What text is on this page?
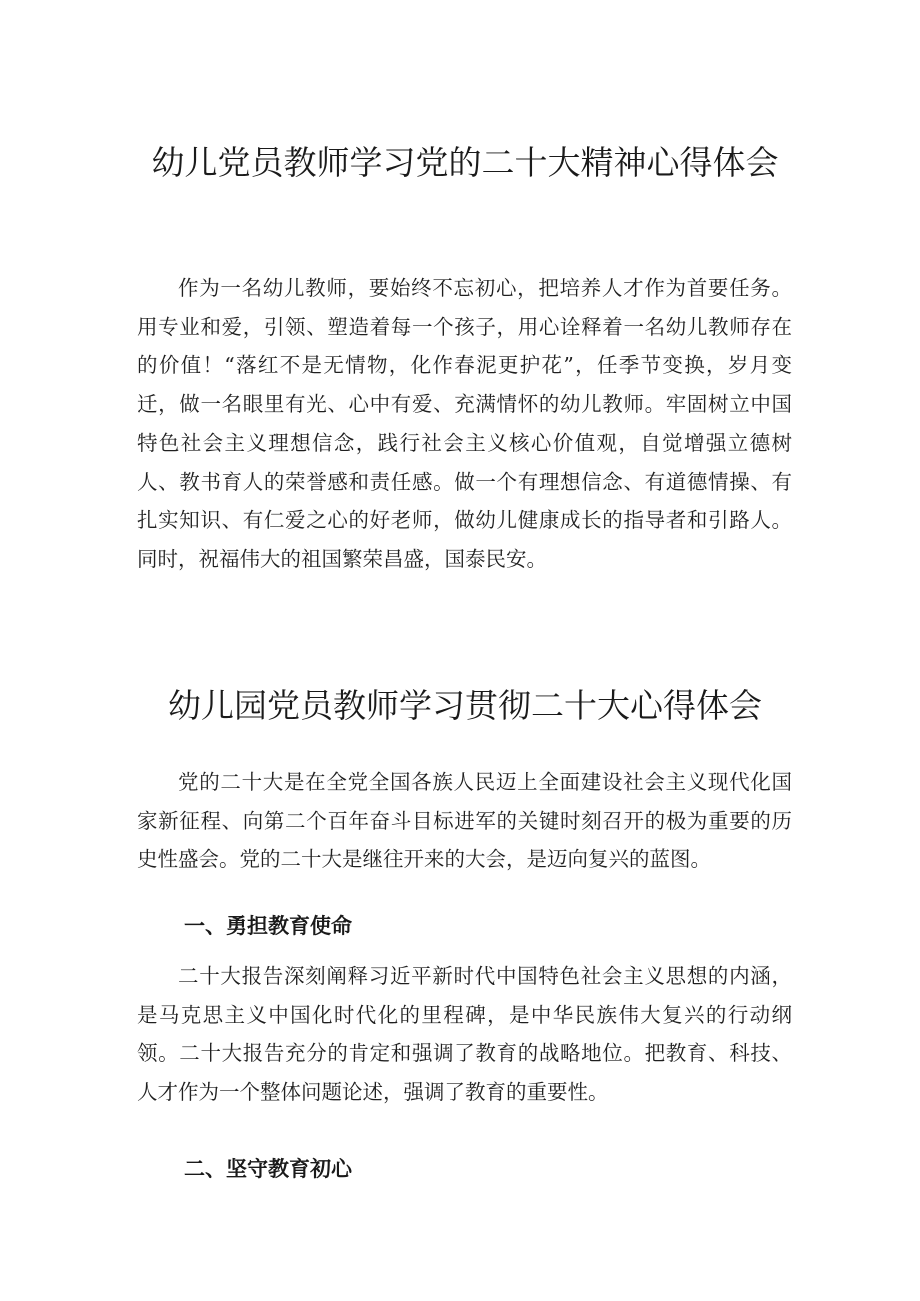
幼儿党员教师学习党的二十大精神心得体会

作为一名幼儿教师，要始终不忘初心，把培养人才作为首要任务。用专业和爱，引领、塑造着每一个孩子，用心诠释着一名幼儿教师存在的价值！“落红不是无情物，化作春泥更护花”，任季节变换，岁月变迁，做一名眼里有光、心中有爱、充满情怀的幼儿教师。牢固树立中国特色社会主义理想信念，践行社会主义核心价值观，自觉增强立德树人、教书育人的荣誉感和责任感。做一个有理想信念、有道德情操、有扎实知识、有仁爱之心的好老师，做幼儿健康成长的指导者和引路人。同时，祝福伟大的祖国繁荣昌盛，国泰民安。

幼儿园党员教师学习贯彻二十大心得体会

党的二十大是在全党全国各族人民迈上全面建设社会主义现代化国家新征程、向第二个百年奋斗目标进军的关键时刻召开的极为重要的历史性盛会。党的二十大是继往开来的大会，是迈向复兴的蓝图。

一、勇担教育使命

二十大报告深刻阐释习近平新时代中国特色社会主义思想的内涵，是马克思主义中国化时代化的里程碑，是中华民族伟大复兴的行动纲领。二十大报告充分的肯定和强调了教育的战略地位。把教育、科技、人才作为一个整体问题论述，强调了教育的重要性。

二、坚守教育初心
